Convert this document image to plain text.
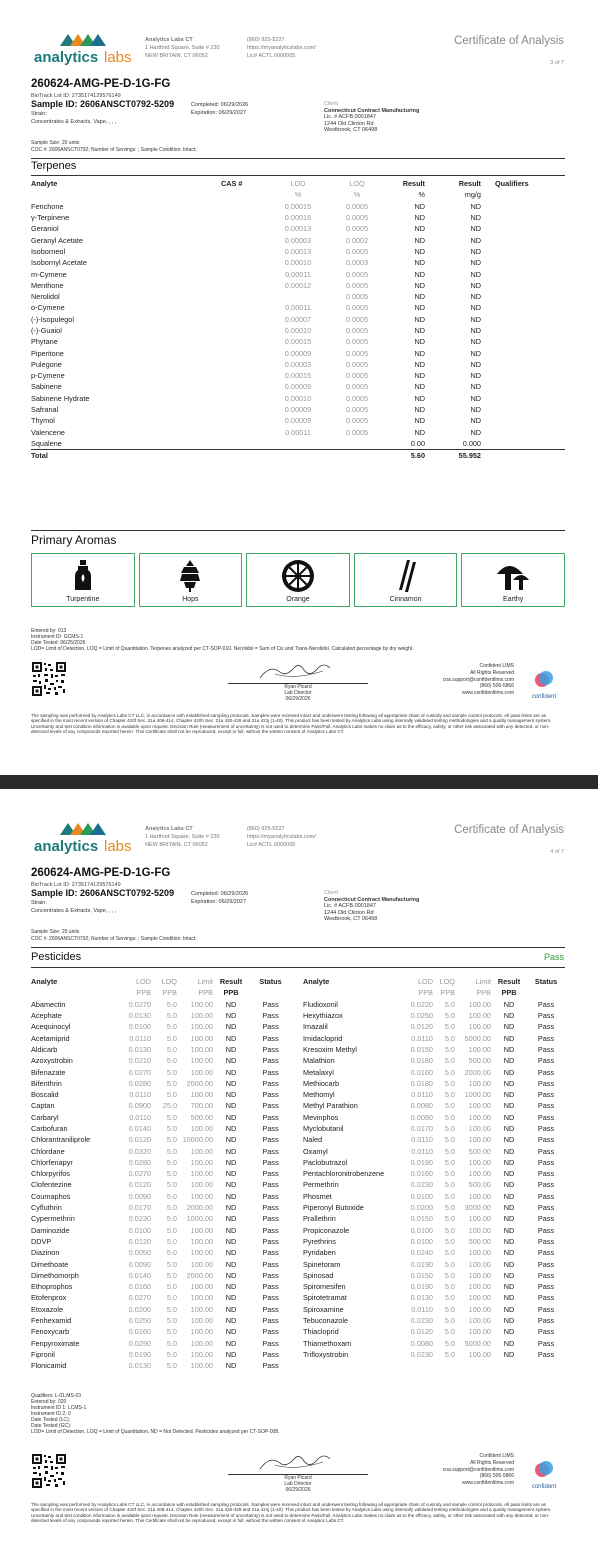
analytics labs
Analytics Labs CT
1 Hartford Square, Suite # 230
NEW BRITAIN, CT 06052
(860) 925-5227
https://myanalyticslabs.com/
Lic# ACTL.0000005
Certificate of Analysis
3 of 7
260624-AMG-PE-D-1G-FG
BioTrack Lot ID: 2735174129576149
Sample ID: 2606ANSCT0792-5209	Completed: 06/29/2026
Expiration: 06/29/2027
Strain:
Concentrates & Extracts, Vape, , , ,
Client
Connecticut Contract Manufacturing
Lic. # ACFB.0001847
1244 Old Clinton Rd
Westbrook, CT 06498
Sample Size: 20 units
COC #: 2606ANSCT0792; Number of Servings: ; Sample Condition: Intact;
Terpenes
Analyte	CAS #	LOD	LOQ	Result	Result	Qualifiers
		%	%	%	mg/g	
Fenchone		0.00015	0.0005	ND	ND	
γ-Terpinene		0.00016	0.0005	ND	ND	
Geraniol		0.00013	0.0005	ND	ND	
Geranyl Acetate		0.00003	0.0002	ND	ND	
Isoborneol		0.00013	0.0005	ND	ND	
Isobornyl Acetate		0.00010	0.0003	ND	ND	
m-Cymene		0.00011	0.0005	ND	ND	
Menthone		0.00012	0.0005	ND	ND	
Nerolidol			0.0005	ND	ND	
o-Cymene		0.00011	0.0005	ND	ND	
(-)-Isopulegol		0.00007	0.0005	ND	ND	
(-)-Guaiol		0.00010	0.0005	ND	ND	
Phytane		0.00015	0.0005	ND	ND	
Piperitone		0.00009	0.0005	ND	ND	
Pulegone		0.00003	0.0005	ND	ND	
p-Cymene		0.00015	0.0005	ND	ND	
Sabinene		0.00009	0.0005	ND	ND	
Sabinene Hydrate		0.00010	0.0005	ND	ND	
Safranal		0.00009	0.0005	ND	ND	
Thymol		0.00009	0.0005	ND	ND	
Valencene		0.00011	0.0005	ND	ND	
Squalene				0.00	0.000	
Total				5.60	55.952	
Primary Aromas
Turpentine	Hops	Orange	Cinnamon	Earthy
Entered by: 013
Instrument ID: GCMS-1
Date Tested: 06/25/2026
LOD= Limit of Detection, LOQ = Limit of Quantitation. Terpenes analyzed per CT-SOP-010. Nerolidol = Sum of Cis and Trans-Nerolidol. Calculated percentage by dry weight.
Ryan Picard
Lab Director
06/29/2026
Confident LIMS
All Rights Reserved
coa.support@confidentlims.com
(866) 506-5866
www.confidentlims.com
confident
The sampling was performed by Analytics Labs CT LLC, in accordance with established sampling protocols. Samples were received intact and underwent testing following all appropriate chain of custody and sample control protocols. All pass limits are as specified in the most recent version of Chapter 420f Sec. 21a 408-414, Chapter 420h Sec. 21a 420-429 and 21a 421j (1-40). This product has been tested by Analytics Labs using internally validated testing methodologies and a quality management system. Uncertainty and test condition information is available upon request. Decision Rule (measurement of uncertainty) is not used to determine Pass/Fail. Analytics Labs makes no claim as to the efficacy, safety, or other risk associated with any detected, or non-detected levels of any compounds reported herein. This Certificate shall not be reproduced, except in full, without the written consent of Analytics Labs CT.
analytics labs
Analytics Labs CT
1 Hartford Square, Suite # 230
NEW BRITAIN, CT 06052
(860) 925-5227
https://myanalyticslabs.com/
Lic# ACTL.0000005
Certificate of Analysis
4 of 7
260624-AMG-PE-D-1G-FG
BioTrack Lot ID: 2735174129576149
Sample ID: 2606ANSCT0792-5209	Completed: 06/29/2026
Expiration: 06/29/2027
Strain:
Concentrates & Extracts, Vape, , , ,
Client
Connecticut Contract Manufacturing
Lic. # ACFB.0001847
1244 Old Clinton Rd
Westbrook, CT 06498
Sample Size: 20 units
COC #: 2606ANSCT0792; Number of Servings: ; Sample Condition: Intact;
Pesticides	Pass
Analyte	LOD	LOQ	Limit	Result	Status
	PPB	PPB	PPB	PPB	
Abamectin	0.0270	5.0	100.00	ND	Pass
Acephate	0.0130	5.0	100.00	ND	Pass
Acequinocyl	0.0100	5.0	100.00	ND	Pass
Acetamiprid	0.0110	5.0	100.00	ND	Pass
Aldicarb	0.0130	5.0	100.00	ND	Pass
Azoxystrobin	0.0210	5.0	100.00	ND	Pass
Bifenazate	0.0270	5.0	100.00	ND	Pass
Bifenthrin	0.0280	5.0	2000.00	ND	Pass
Boscalid	0.0110	5.0	100.00	ND	Pass
Captan	0.0900	25.0	700.00	ND	Pass
Carbaryl	0.0110	5.0	500.00	ND	Pass
Carbofuran	0.0140	5.0	100.00	ND	Pass
Chlorantraniliprole	0.0120	5.0	10000.00	ND	Pass
Chlordane	0.0320	5.0	100.00	ND	Pass
Chlorfenapyr	0.0280	5.0	100.00	ND	Pass
Chlorpyrifos	0.0270	5.0	100.00	ND	Pass
Clofentezine	0.0120	5.0	100.00	ND	Pass
Coumaphos	0.0090	5.0	100.00	ND	Pass
Cyfluthrin	0.0170	5.0	2000.00	ND	Pass
Cypermethrin	0.0230	5.0	1000.00	ND	Pass
Daminozide	0.0100	5.0	100.00	ND	Pass
DDVP	0.0120	5.0	100.00	ND	Pass
Diazinon	0.0050	5.0	100.00	ND	Pass
Dimethoate	0.0090	5.0	100.00	ND	Pass
Dimethomorph	0.0140	5.0	2000.00	ND	Pass
Ethoprophos	0.0160	5.0	100.00	ND	Pass
Etofenprox	0.0270	5.0	100.00	ND	Pass
Etoxazole	0.0200	5.0	100.00	ND	Pass
Fenhexamid	0.0250	5.0	100.00	ND	Pass
Fenoxycarb	0.0160	5.0	100.00	ND	Pass
Fenpyroximate	0.0290	5.0	100.00	ND	Pass
Fipronil	0.0190	5.0	100.00	ND	Pass
Flonicamid	0.0130	5.0	100.00	ND	Pass
Analyte	LOD	LOQ	Limit	Result	Status
	PPB	PPB	PPB	PPB	
Fludioxonil	0.0220	5.0	100.00	ND	Pass
Hexythiazox	0.0250	5.0	100.00	ND	Pass
Imazalil	0.0120	5.0	100.00	ND	Pass
Imidacloprid	0.0110	5.0	5000.00	ND	Pass
Kresoxim Methyl	0.0150	5.0	100.00	ND	Pass
Malathion	0.0180	5.0	500.00	ND	Pass
Metalaxyl	0.0160	5.0	2000.00	ND	Pass
Methiocarb	0.0180	5.0	100.00	ND	Pass
Methomyl	0.0110	5.0	1000.00	ND	Pass
Methyl Parathion	0.0080	5.0	100.00	ND	Pass
Mevinphos	0.0080	5.0	100.00	ND	Pass
Myclobutanil	0.0170	5.0	100.00	ND	Pass
Naled	0.0110	5.0	100.00	ND	Pass
Oxamyl	0.0110	5.0	500.00	ND	Pass
Paclobutrazol	0.0190	5.0	100.00	ND	Pass
Pentachloronitrobenzene	0.0160	5.0	100.00	ND	Pass
Permethrin	0.0230	5.0	500.00	ND	Pass
Phosmet	0.0100	5.0	100.00	ND	Pass
Piperonyl Butoxide	0.0200	5.0	3000.00	ND	Pass
Prallethrin	0.0150	5.0	100.00	ND	Pass
Propiconazole	0.0100	5.0	100.00	ND	Pass
Pyrethrins	0.0100	5.0	500.00	ND	Pass
Pyridaben	0.0240	5.0	100.00	ND	Pass
Spinetoram	0.0190	5.0	100.00	ND	Pass
Spinosad	0.0150	5.0	100.00	ND	Pass
Spiromesifen	0.0190	5.0	100.00	ND	Pass
Spirotetramat	0.0130	5.0	100.00	ND	Pass
Spiroxamine	0.0110	5.0	100.00	ND	Pass
Tebuconazole	0.0230	5.0	100.00	ND	Pass
Thiacloprid	0.0120	5.0	100.00	ND	Pass
Thiamethoxam	0.0080	5.0	5000.00	ND	Pass
Trifloxystrobin	0.0230	5.0	100.00	ND	Pass
Qualifiers: L-01,MS-03
Entered by: 020
Instrument ID 1: LCMS-1
Instrument ID 2: 0
Date Tested (LC):
Date Tested (GC):
LOD= Limit of Detection, LOQ = Limit of Quantitation, ND = Not Detected. Pesticides analyzed per CT-SOP-008.
Ryan Picard
Lab Director
06/29/2026
Confident LIMS
All Rights Reserved
coa.support@confidentlims.com
(866) 506-5866
www.confidentlims.com
confident
The sampling was performed by Analytics Labs CT LLC, in accordance with established sampling protocols. Samples were received intact and underwent testing following all appropriate chain of custody and sample control protocols. All pass limits are as specified in the most recent version of Chapter 420f Sec. 21a 408-414, Chapter 420h Sec. 21a 420-429 and 21a 421j (1-40). This product has been tested by Analytics Labs using internally validated testing methodologies and a quality management system. Uncertainty and test condition information is available upon request. Decision Rule (measurement of uncertainty) is not used to determine Pass/Fail. Analytics Labs makes no claim as to the efficacy, safety, or other risk associated with any detected, or non-detected levels of any compounds reported herein. This Certificate shall not be reproduced, except in full, without the written consent of Analytics Labs CT.
